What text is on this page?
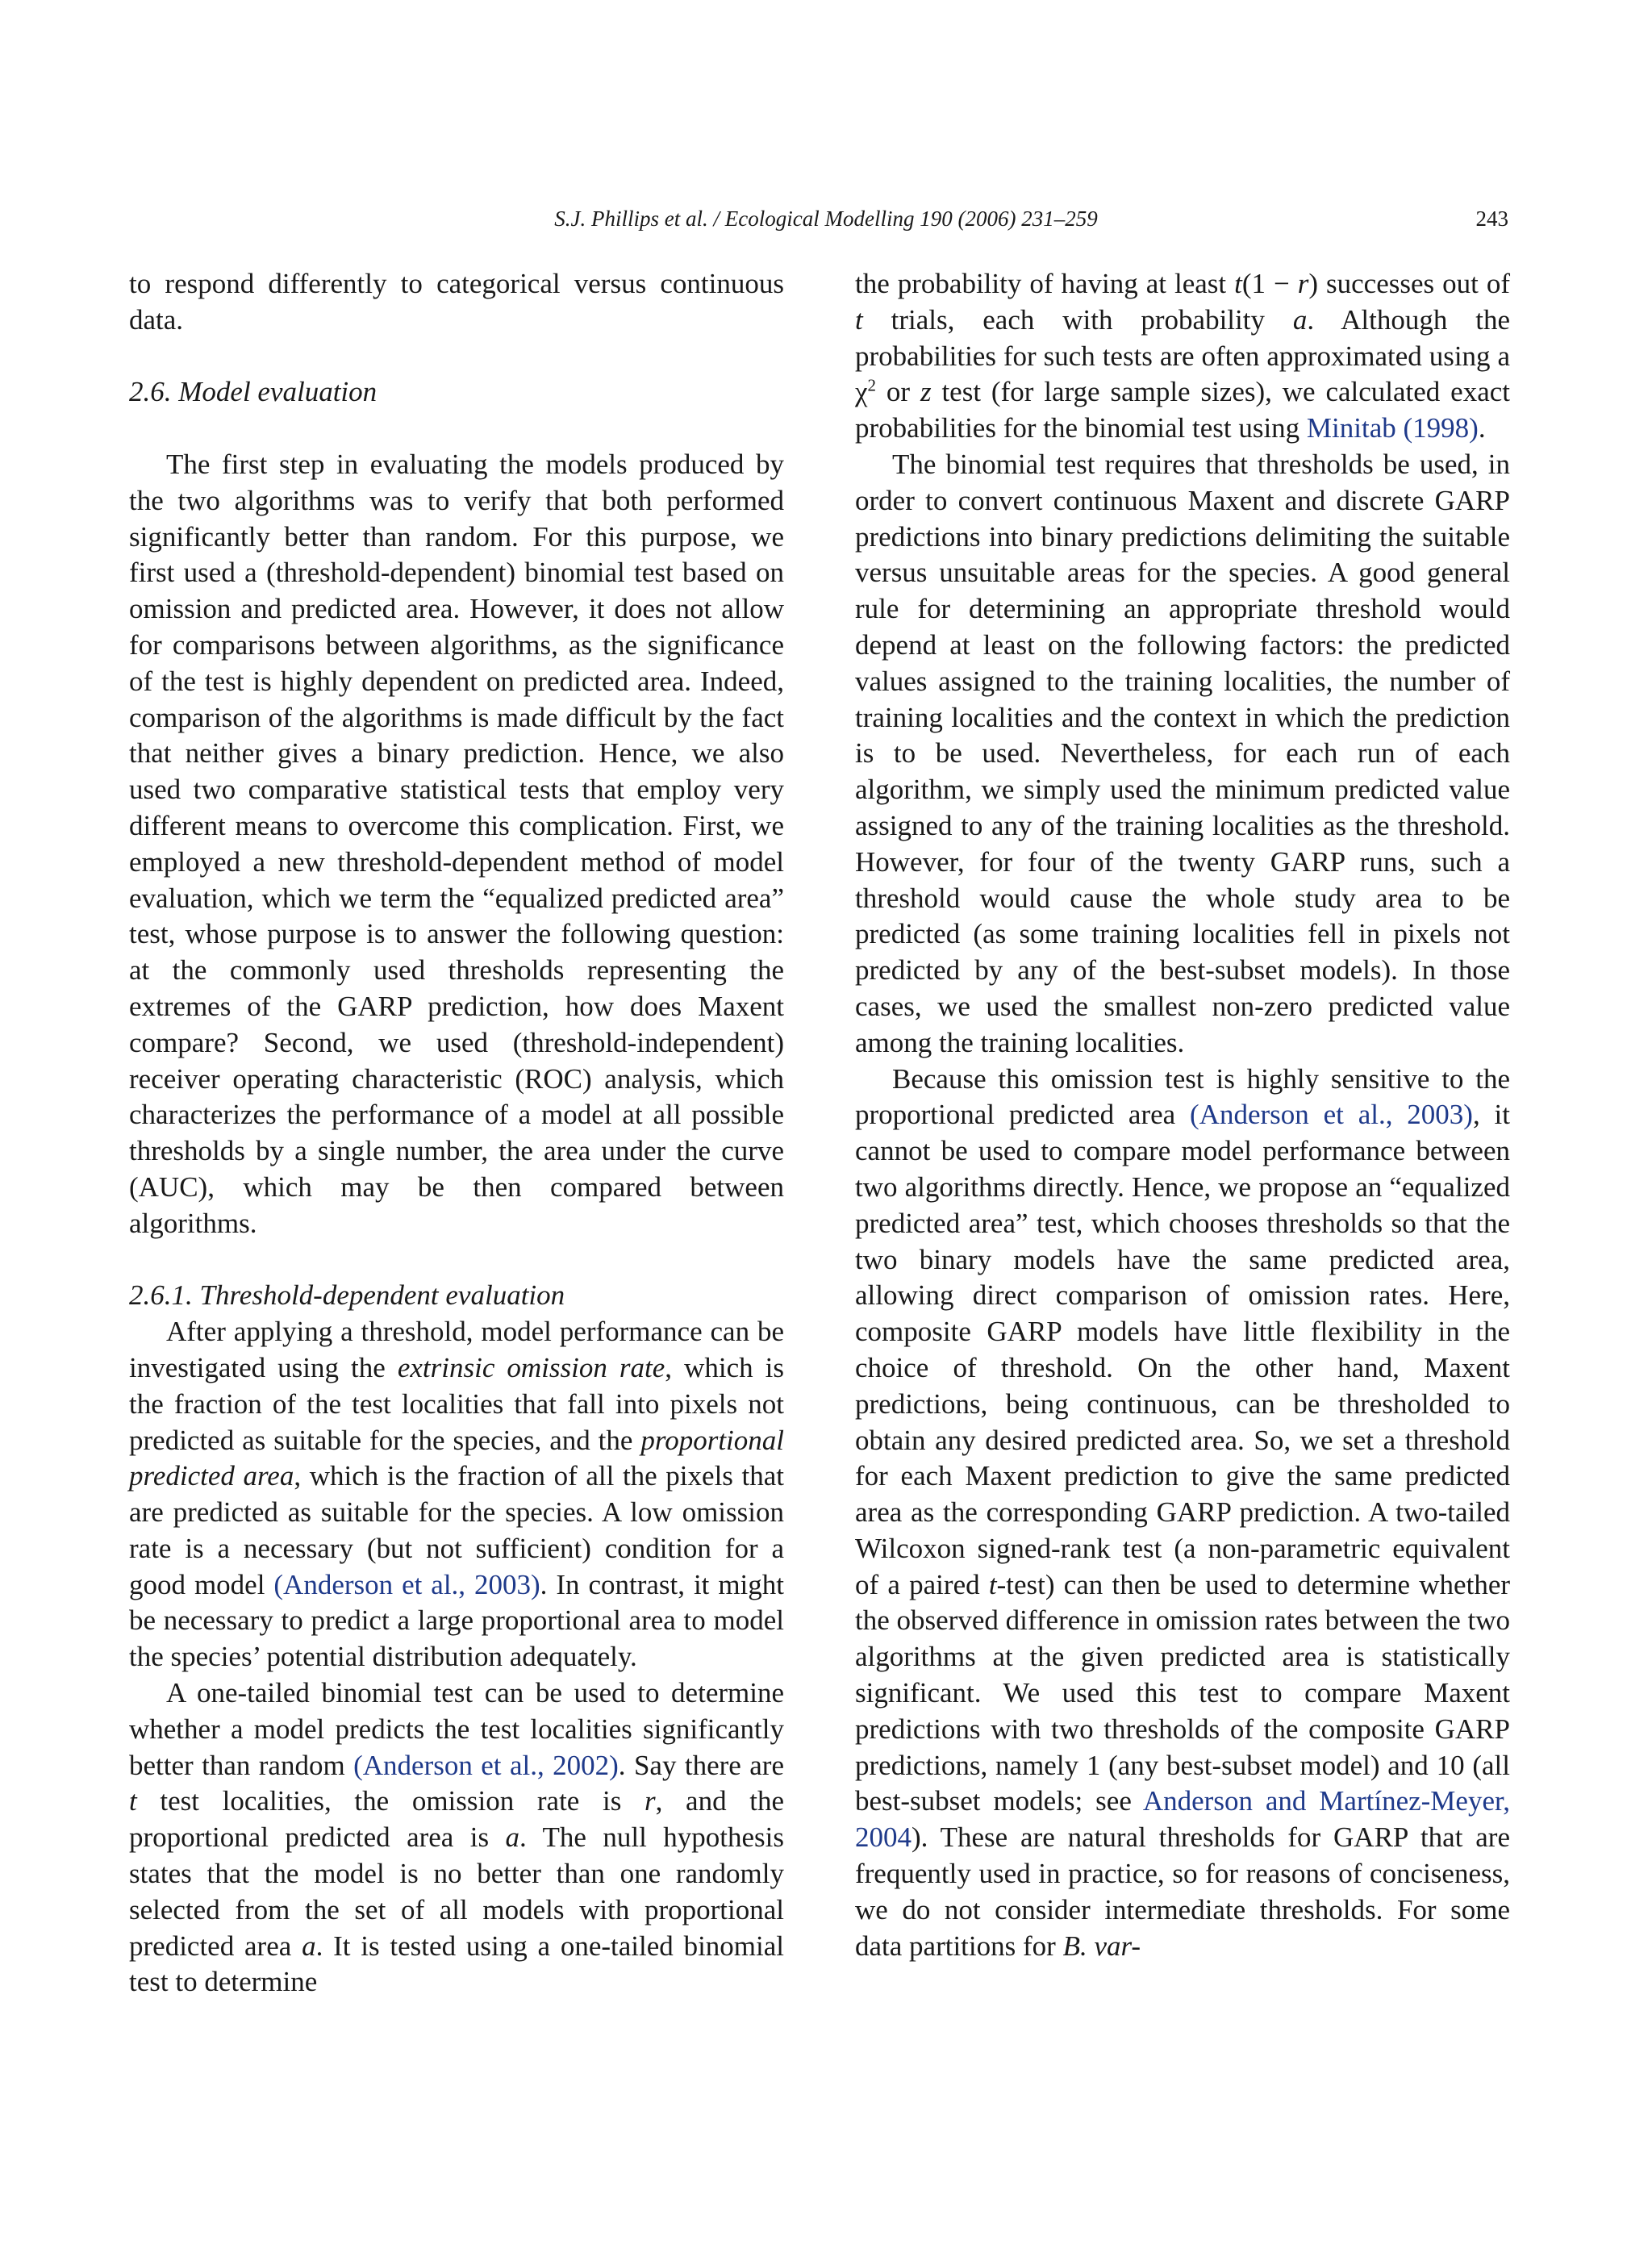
S.J. Phillips et al. / Ecological Modelling 190 (2006) 231–259	243

to respond differently to categorical versus continuous data.

2.6. Model evaluation

The first step in evaluating the models produced by the two algorithms was to verify that both performed significantly better than random. For this purpose, we first used a (threshold-dependent) binomial test based on omission and predicted area. However, it does not allow for comparisons between algorithms, as the significance of the test is highly dependent on predicted area. Indeed, comparison of the algorithms is made difficult by the fact that neither gives a binary prediction. Hence, we also used two comparative statistical tests that employ very different means to overcome this complication. First, we employed a new threshold-dependent method of model evaluation, which we term the “equalized predicted area” test, whose purpose is to answer the following question: at the commonly used thresholds representing the extremes of the GARP prediction, how does Maxent compare? Second, we used (threshold-independent) receiver operating characteristic (ROC) analysis, which characterizes the performance of a model at all possible thresholds by a single number, the area under the curve (AUC), which may be then compared between algorithms.

2.6.1. Threshold-dependent evaluation

After applying a threshold, model performance can be investigated using the extrinsic omission rate, which is the fraction of the test localities that fall into pixels not predicted as suitable for the species, and the proportional predicted area, which is the fraction of all the pixels that are predicted as suitable for the species. A low omission rate is a necessary (but not sufficient) condition for a good model (Anderson et al., 2003). In contrast, it might be necessary to predict a large proportional area to model the species’ potential distribution adequately.

A one-tailed binomial test can be used to determine whether a model predicts the test localities significantly better than random (Anderson et al., 2002). Say there are t test localities, the omission rate is r, and the proportional predicted area is a. The null hypothesis states that the model is no better than one randomly selected from the set of all models with proportional predicted area a. It is tested using a one-tailed binomial test to determine

the probability of having at least t(1 − r) successes out of t trials, each with probability a. Although the probabilities for such tests are often approximated using a $\chi^2$ or z test (for large sample sizes), we calculated exact probabilities for the binomial test using Minitab (1998).

The binomial test requires that thresholds be used, in order to convert continuous Maxent and discrete GARP predictions into binary predictions delimiting the suitable versus unsuitable areas for the species. A good general rule for determining an appropriate threshold would depend at least on the following factors: the predicted values assigned to the training localities, the number of training localities and the context in which the prediction is to be used. Nevertheless, for each run of each algorithm, we simply used the minimum predicted value assigned to any of the training localities as the threshold. However, for four of the twenty GARP runs, such a threshold would cause the whole study area to be predicted (as some training localities fell in pixels not predicted by any of the best-subset models). In those cases, we used the smallest non-zero predicted value among the training localities.

Because this omission test is highly sensitive to the proportional predicted area (Anderson et al., 2003), it cannot be used to compare model performance between two algorithms directly. Hence, we propose an “equalized predicted area” test, which chooses thresholds so that the two binary models have the same predicted area, allowing direct comparison of omission rates. Here, composite GARP models have little flexibility in the choice of threshold. On the other hand, Maxent predictions, being continuous, can be thresholded to obtain any desired predicted area. So, we set a threshold for each Maxent prediction to give the same predicted area as the corresponding GARP prediction. A two-tailed Wilcoxon signed-rank test (a non-parametric equivalent of a paired t-test) can then be used to determine whether the observed difference in omission rates between the two algorithms at the given predicted area is statistically significant. We used this test to compare Maxent predictions with two thresholds of the composite GARP predictions, namely 1 (any best-subset model) and 10 (all best-subset models; see Anderson and Martínez-Meyer, 2004). These are natural thresholds for GARP that are frequently used in practice, so for reasons of conciseness, we do not consider intermediate thresholds. For some data partitions for B. var-
